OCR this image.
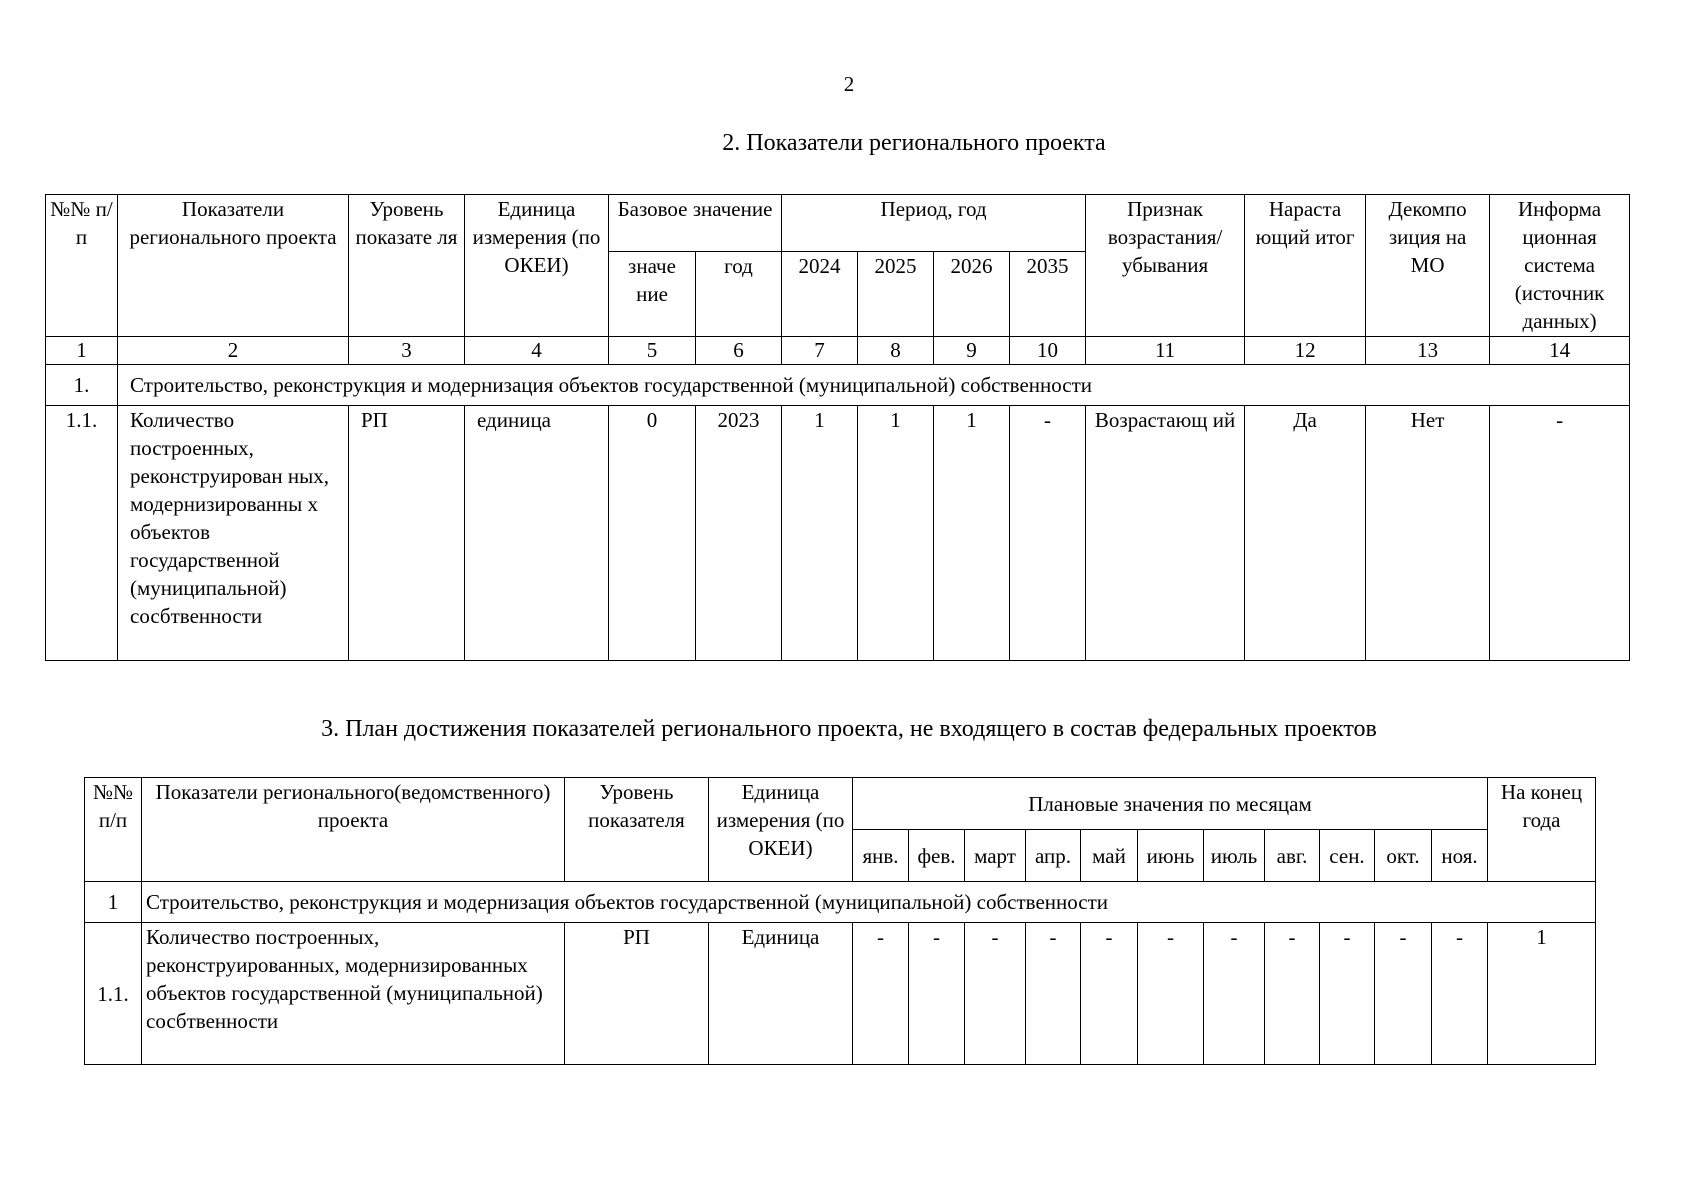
2
2. Показатели регионального проекта
№№ п/п	Показатели регионального проекта	Уровень показате ля	Единица измерения (по ОКЕИ)	Базовое значение		Период, год				Признак возрастания/ убывания	Нараста ющий итог	Декомпо зиция на МО	Информа ционная система (источник данных)
				значе ние	год	2024	2025	2026	2035				
1	2	3	4	5	6	7	8	9	10	11	12	13	14
1.	Строительство, реконструкция и модернизация объектов государственной (муниципальной) собственности												
1.1.	Количество построенных, реконструирован ных, модернизированны х объектов государственной (муниципальной) сосбтвенности	РП	единица	0	2023	1	1	1	-	Возрастающ ий	Да	Нет	-
3. План достижения показателей регионального проекта, не входящего в состав федеральных проектов
№№ п/п	Показатели регионального(ведомственного) проекта	Уровень показателя	Единица измерения (по ОКЕИ)	Плановые значения по месяцам											На конец года
				янв.	фев.	март	апр.	май	июнь	июль	авг.	сен.	окт.	ноя.	
1	Строительство, реконструкция и модернизация объектов государственной (муниципальной) собственности														
1.1.	Количество построенных, реконструированных, модернизированных объектов государственной (муниципальной) сосбтвенности	РП	Единица	-	-	-	-	-	-	-	-	-	-	-	1
